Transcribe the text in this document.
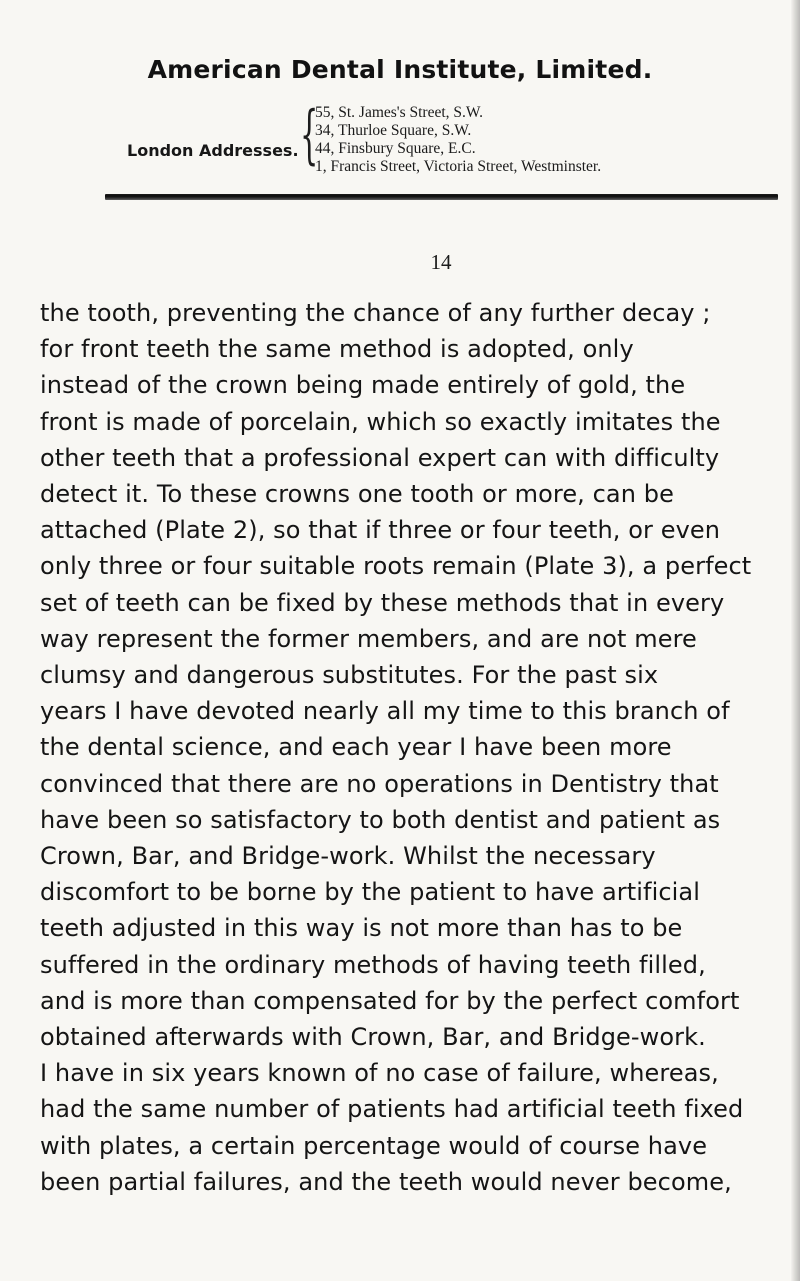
American Dental Institute, Limited.
London Addresses. {
55, St. James's Street, S.W.
34, Thurloe Square, S.W.
44, Finsbury Square, E.C.
1, Francis Street, Victoria Street, Westminster.
14
the tooth, preventing the chance of any further decay ;
for front teeth the same method is adopted, only
instead of the crown being made entirely of gold, the
front is made of porcelain, which so exactly imitates the
other teeth that a professional expert can with difficulty
detect it. To these crowns one tooth or more, can be
attached (Plate 2), so that if three or four teeth, or even
only three or four suitable roots remain (Plate 3), a perfect
set of teeth can be fixed by these methods that in every
way represent the former members, and are not mere
clumsy and dangerous substitutes. For the past six
years I have devoted nearly all my time to this branch of
the dental science, and each year I have been more
convinced that there are no operations in Dentistry that
have been so satisfactory to both dentist and patient as
Crown, Bar, and Bridge-work. Whilst the necessary
discomfort to be borne by the patient to have artificial
teeth adjusted in this way is not more than has to be
suffered in the ordinary methods of having teeth filled,
and is more than compensated for by the perfect comfort
obtained afterwards with Crown, Bar, and Bridge-work.
I have in six years known of no case of failure, whereas,
had the same number of patients had artificial teeth fixed
with plates, a certain percentage would of course have
been partial failures, and the teeth would never become,
